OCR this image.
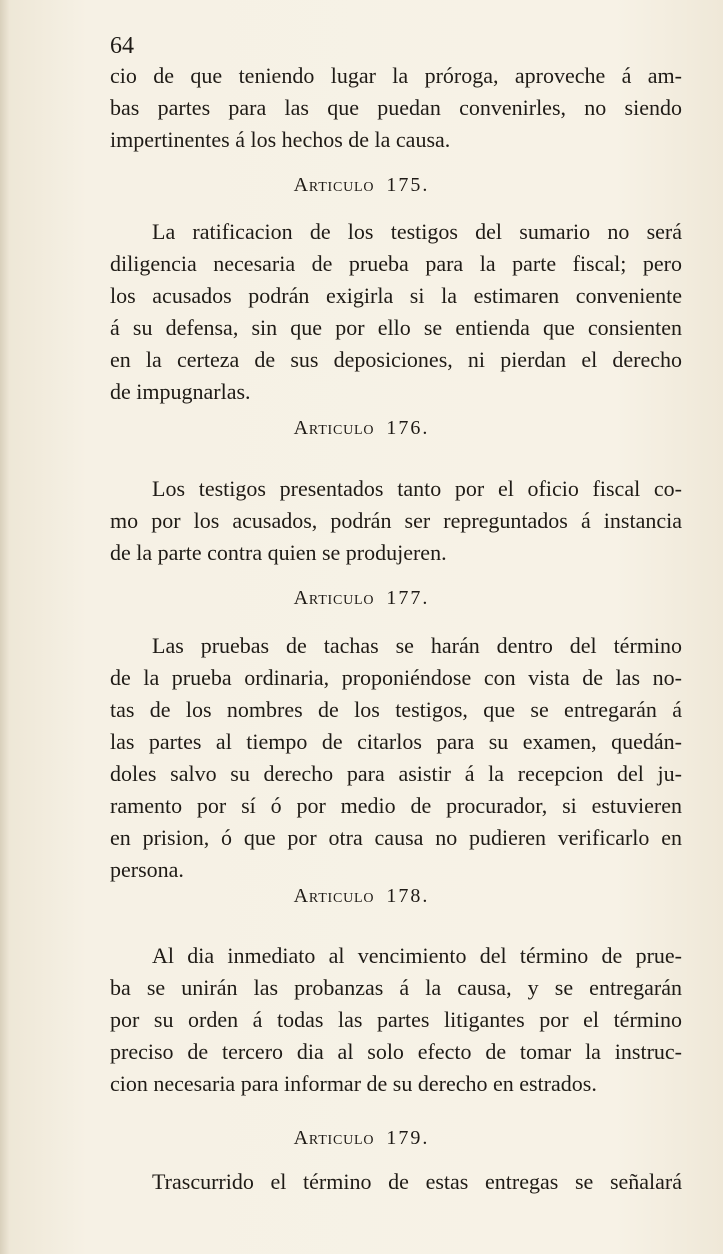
64
cio de que teniendo lugar la próroga, aproveche á am-
bas partes para las que puedan convenirles, no siendo
impertinentes á los hechos de la causa.
Articulo 175.
La ratificacion de los testigos del sumario no será
diligencia necesaria de prueba para la parte fiscal; pero
los acusados podrán exigirla si la estimaren conveniente
á su defensa, sin que por ello se entienda que consienten
en la certeza de sus deposiciones, ni pierdan el derecho
de impugnarlas.
Articulo 176.
Los testigos presentados tanto por el oficio fiscal co-
mo por los acusados, podrán ser repreguntados á instancia
de la parte contra quien se produjeren.
Articulo 177.
Las pruebas de tachas se harán dentro del término
de la prueba ordinaria, proponiéndose con vista de las no-
tas de los nombres de los testigos, que se entregarán á
las partes al tiempo de citarlos para su examen, quedán-
doles salvo su derecho para asistir á la recepcion del ju-
ramento por sí ó por medio de procurador, si estuvieren
en prision, ó que por otra causa no pudieren verificarlo en
persona.
Articulo 178.
Al dia inmediato al vencimiento del término de prue-
ba se unirán las probanzas á la causa, y se entregarán
por su orden á todas las partes litigantes por el término
preciso de tercero dia al solo efecto de tomar la instruc-
cion necesaria para informar de su derecho en estrados.
Articulo 179.
Trascurrido el término de estas entregas se señalará
